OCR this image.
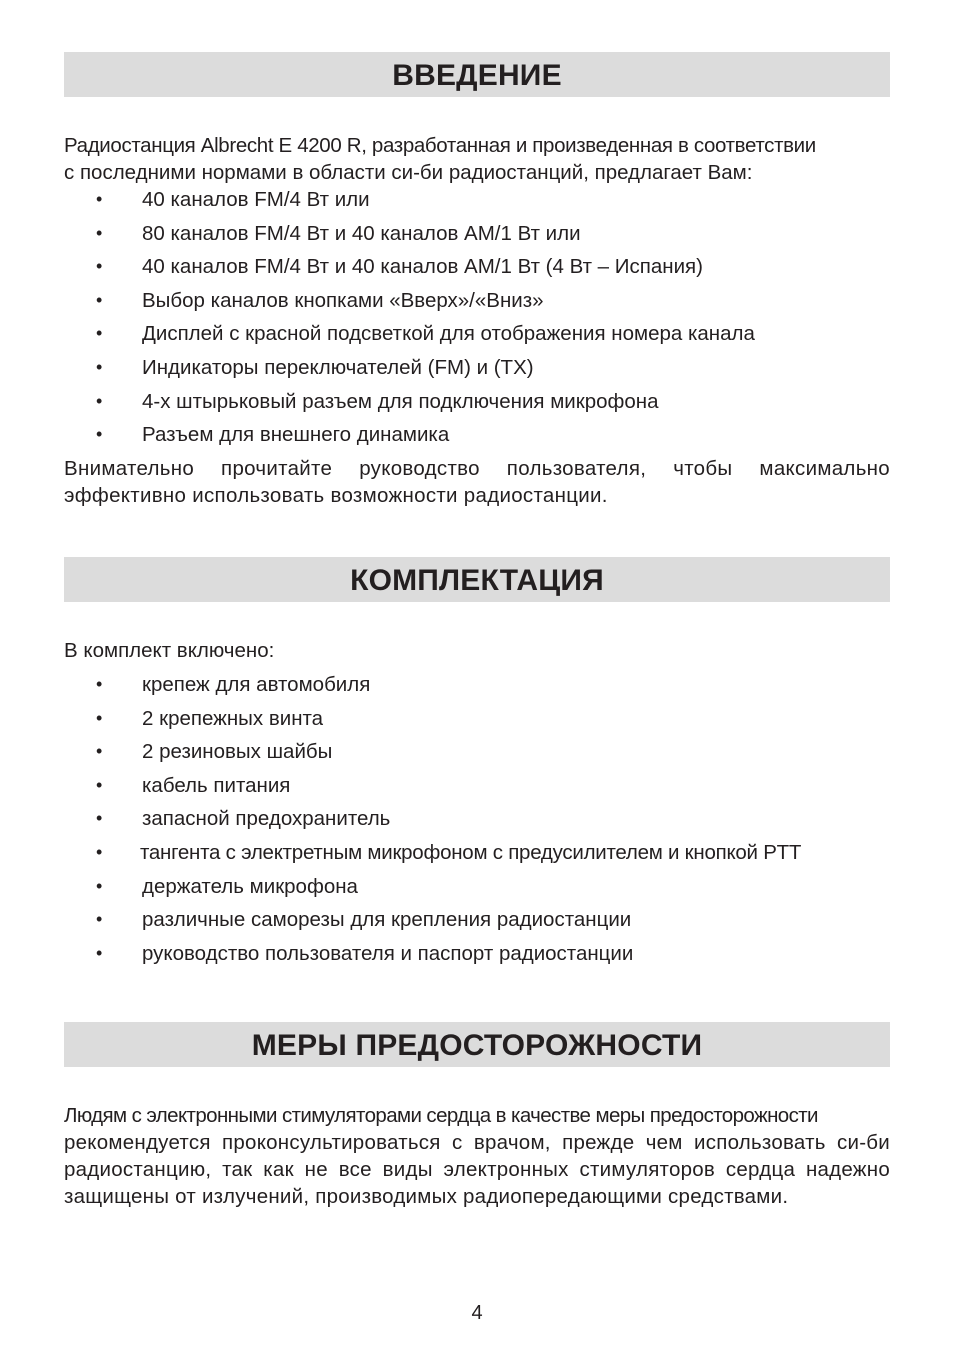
ВВЕДЕНИЕ

Радиостанция Albrecht E 4200 R, разработанная и произведенная в соответствии

с последними нормами в области си-би радиостанций, предлагает Вам:

• 40 каналов FM/4 Вт или
• 80 каналов FM/4 Вт и 40 каналов AM/1 Вт или
• 40 каналов FM/4 Вт и 40 каналов AM/1 Вт (4 Вт – Испания)
• Выбор каналов кнопками «Вверх»/«Вниз»
• Дисплей с красной подсветкой для отображения номера канала
• Индикаторы переключателей (FM) и (TX)
• 4-х штырьковый разъем для подключения микрофона
• Разъем для внешнего динамика

Внимательно прочитайте руководство пользователя, чтобы максимально эффективно использовать возможности радиостанции.

КОМПЛЕКТАЦИЯ

В комплект включено:

• крепеж для автомобиля
• 2 крепежных винта
• 2 резиновых шайбы
• кабель питания
• запасной предохранитель
• тангента с электретным микрофоном с предусилителем и кнопкой PTT
• держатель микрофона
• различные саморезы для крепления радиостанции
• руководство пользователя и паспорт радиостанции
МЕРЫ ПРЕДОСТОРОЖНОСТИ

Людям с электронными стимуляторами сердца в качестве меры предосторожности

рекомендуется проконсультироваться с врачом, прежде чем использовать си-би радиостанцию, так как не все виды электронных стимуляторов сердца надежно защищены от излучений, производимых радиопередающими средствами.

4
